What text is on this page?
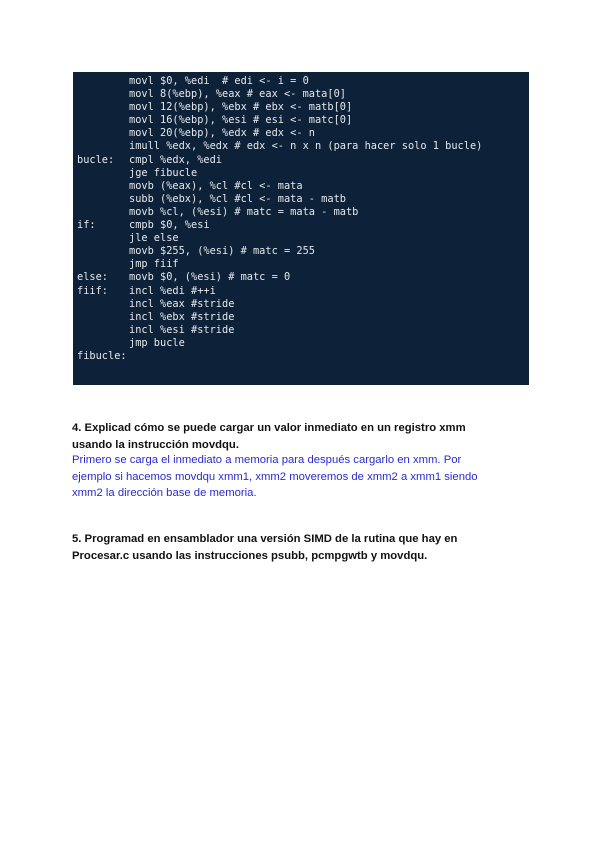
movl $0, %edi  # edi <- i = 0
movl 8(%ebp), %eax # eax <- mata[0]
movl 12(%ebp), %ebx # ebx <- matb[0]
movl 16(%ebp), %esi # esi <- matc[0]
movl 20(%ebp), %edx # edx <- n
imull %edx, %edx # edx <- n x n (para hacer solo 1 bucle)
bucle:	cmpl %edx, %edi
jge fibucle
movb (%eax), %cl #cl <- mata
subb (%ebx), %cl #cl <- mata - matb
movb %cl, (%esi) # matc = mata - matb
if:	cmpb $0, %esi
jle else
movb $255, (%esi) # matc = 255
jmp fiif
else:	movb $0, (%esi) # matc = 0
fiif:	incl %edi #++i
incl %eax #stride
incl %ebx #stride
incl %esi #stride
jmp bucle
fibucle:
4. Explicad cómo se puede cargar un valor inmediato en un registro xmm
usando la instrucción movdqu.
Primero se carga el inmediato a memoria para después cargarlo en xmm. Por
ejemplo si hacemos movdqu xmm1, xmm2 moveremos de xmm2 a xmm1 siendo
xmm2 la dirección base de memoria.
5. Programad en ensamblador una versión SIMD de la rutina que hay en
Procesar.c usando las instrucciones psubb, pcmpgwtb y movdqu.
